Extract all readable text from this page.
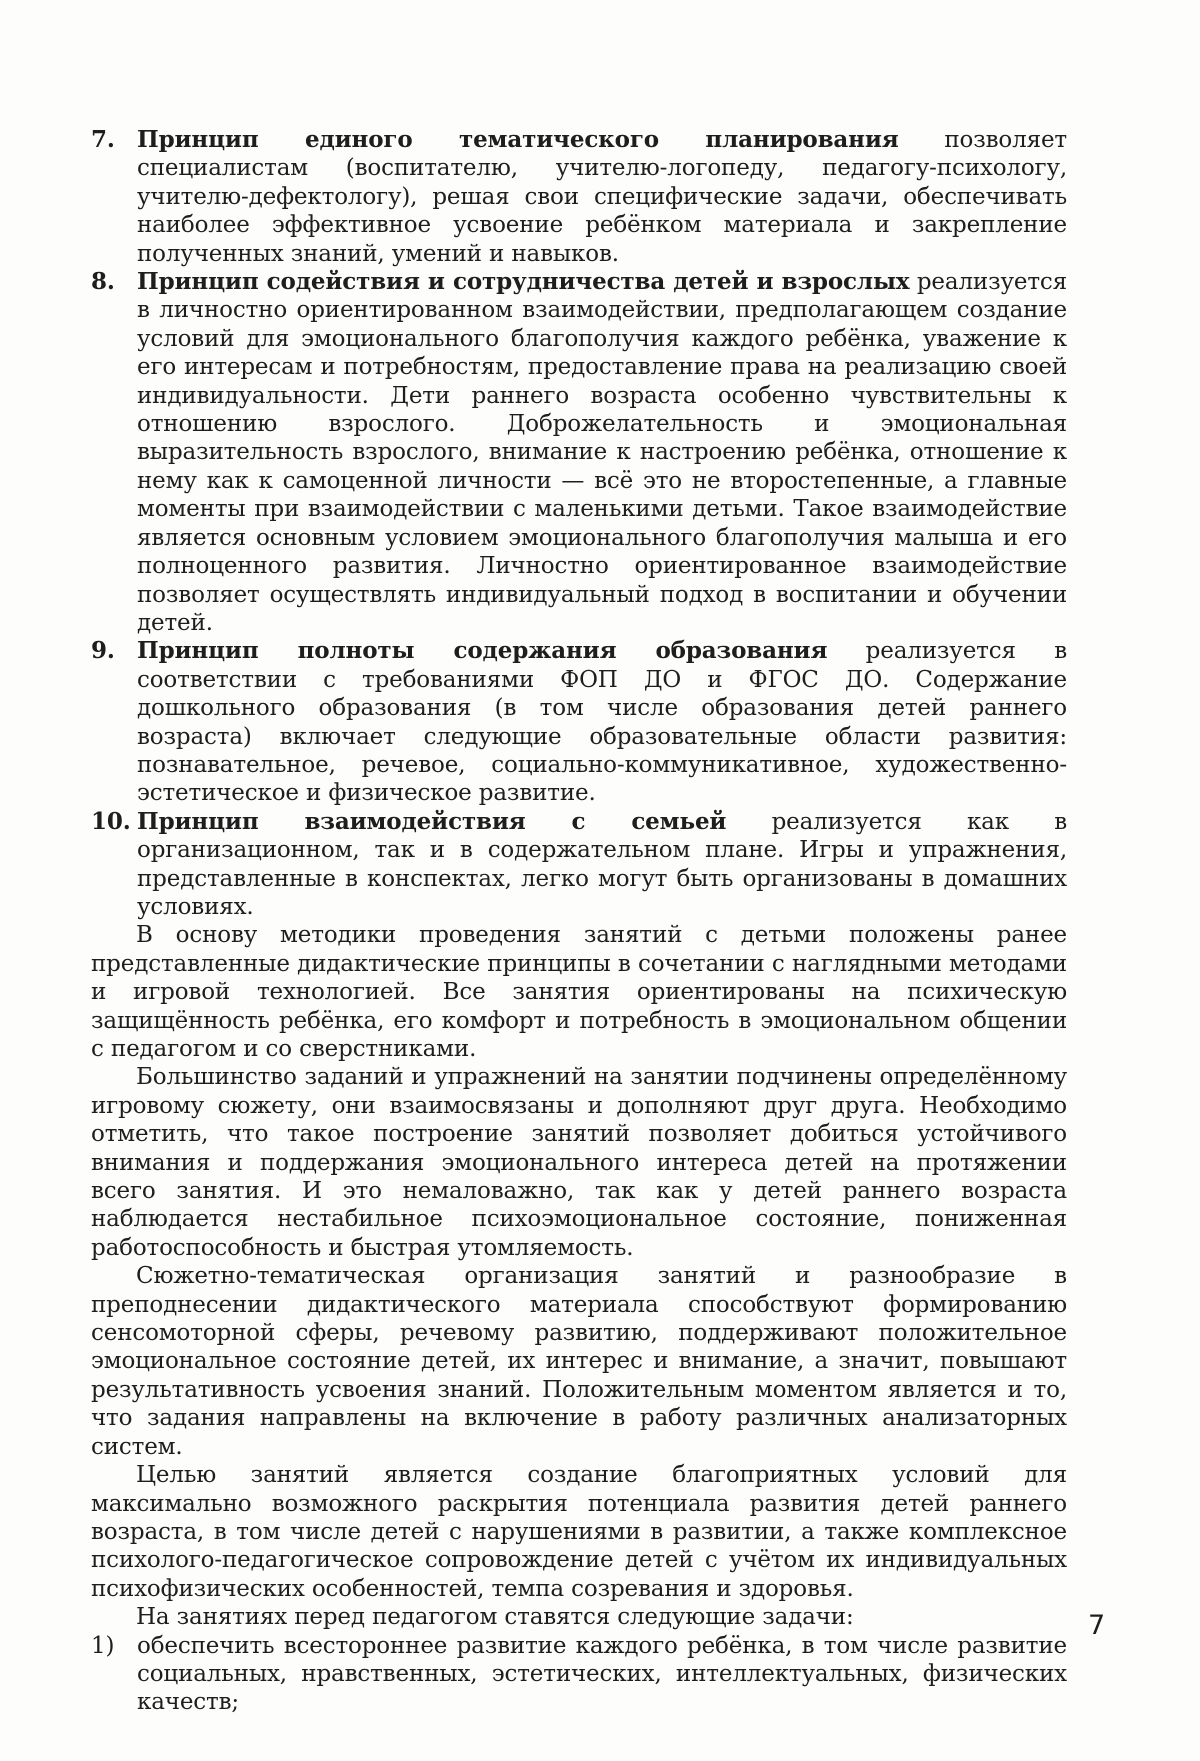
7. Принцип единого тематического планирования позволяет специалистам (воспитателю, учителю-логопеду, педагогу-психологу, учителю-дефектологу), решая свои специфические задачи, обеспечивать наиболее эффективное усвоение ребёнком материала и закрепление полученных знаний, умений и навыков.
8. Принцип содействия и сотрудничества детей и взрослых реализуется в личностно ориентированном взаимодействии, предполагающем создание условий для эмоционального благополучия каждого ребёнка, уважение к его интересам и потребностям, предоставление права на реализацию своей индивидуальности. Дети раннего возраста особенно чувствительны к отношению взрослого. Доброжелательность и эмоциональная выразительность взрослого, внимание к настроению ребёнка, отношение к нему как к самоценной личности — всё это не второстепенные, а главные моменты при взаимодействии с маленькими детьми. Такое взаимодействие является основным условием эмоционального благополучия малыша и его полноценного развития. Личностно ориентированное взаимодействие позволяет осуществлять индивидуальный подход в воспитании и обучении детей.
9. Принцип полноты содержания образования реализуется в соответствии с требованиями ФОП ДО и ФГОС ДО. Содержание дошкольного образования (в том числе образования детей раннего возраста) включает следующие образовательные области развития: познавательное, речевое, социально-коммуникативное, художественно-эстетическое и физическое развитие.
10. Принцип взаимодействия с семьей реализуется как в организационном, так и в содержательном плане. Игры и упражнения, представленные в конспектах, легко могут быть организованы в домашних условиях.

В основу методики проведения занятий с детьми положены ранее представленные дидактические принципы в сочетании с наглядными методами и игровой технологией. Все занятия ориентированы на психическую защищённость ребёнка, его комфорт и потребность в эмоциональном общении с педагогом и со сверстниками.

Большинство заданий и упражнений на занятии подчинены определённому игровому сюжету, они взаимосвязаны и дополняют друг друга. Необходимо отметить, что такое построение занятий позволяет добиться устойчивого внимания и поддержания эмоционального интереса детей на протяжении всего занятия. И это немаловажно, так как у детей раннего возраста наблюдается нестабильное психоэмоциональное состояние, пониженная работоспособность и быстрая утомляемость.

Сюжетно-тематическая организация занятий и разнообразие в преподнесении дидактического материала способствуют формированию сенсомоторной сферы, речевому развитию, поддерживают положительное эмоциональное состояние детей, их интерес и внимание, а значит, повышают результативность усвоения знаний. Положительным моментом является и то, что задания направлены на включение в работу различных анализаторных систем.

Целью занятий является создание благоприятных условий для максимально возможного раскрытия потенциала развития детей раннего возраста, в том числе детей с нарушениями в развитии, а также комплексное психолого-педагогическое сопровождение детей с учётом их индивидуальных психофизических особенностей, темпа созревания и здоровья.

На занятиях перед педагогом ставятся следующие задачи:

1) обеспечить всестороннее развитие каждого ребёнка, в том числе развитие социальных, нравственных, эстетических, интеллектуальных, физических качеств;
7
